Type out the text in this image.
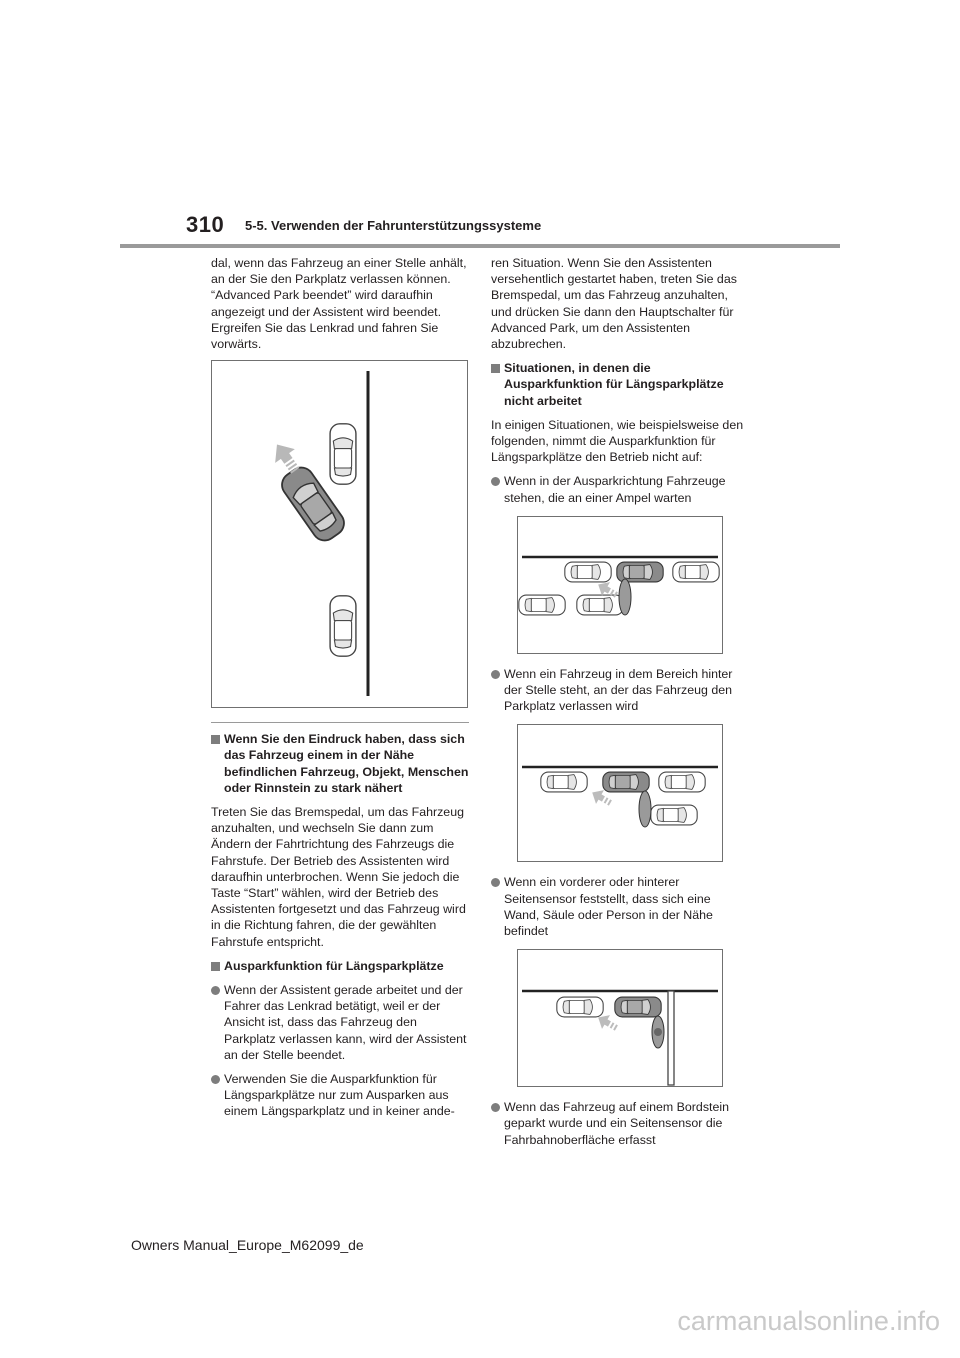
310 5-5. Verwenden der Fahrunterstützungssysteme

dal, wenn das Fahrzeug an einer Stelle anhält, an der Sie den Parkplatz verlassen können. “Advanced Park beendet” wird daraufhin angezeigt und der Assistent wird beendet. Ergreifen Sie das Lenkrad und fahren Sie vorwärts.

Wenn Sie den Eindruck haben, dass sich das Fahrzeug einem in der Nähe befindlichen Fahrzeug, Objekt, Menschen oder Rinnstein zu stark nähert

Treten Sie das Bremspedal, um das Fahrzeug anzuhalten, und wechseln Sie dann zum Ändern der Fahrtrichtung des Fahrzeugs die Fahrstufe. Der Betrieb des Assistenten wird daraufhin unterbrochen. Wenn Sie jedoch die Taste “Start” wählen, wird der Betrieb des Assistenten fortgesetzt und das Fahrzeug wird in die Richtung fahren, die der gewählten Fahrstufe entspricht.

Ausparkfunktion für Längsparkplätze

Wenn der Assistent gerade arbeitet und der Fahrer das Lenkrad betätigt, weil er der Ansicht ist, dass das Fahrzeug den Parkplatz verlassen kann, wird der Assistent an der Stelle beendet.

Verwenden Sie die Ausparkfunktion für Längsparkplätze nur zum Ausparken aus einem Längsparkplatz und in keiner ande-

ren Situation. Wenn Sie den Assistenten versehentlich gestartet haben, treten Sie das Bremspedal, um das Fahrzeug anzuhalten, und drücken Sie dann den Hauptschalter für Advanced Park, um den Assistenten abzubrechen.

Situationen, in denen die Ausparkfunktion für Längsparkplätze nicht arbeitet

In einigen Situationen, wie beispielsweise den folgenden, nimmt die Ausparkfunktion für Längsparkplätze den Betrieb nicht auf:

Wenn in der Ausparkrichtung Fahrzeuge stehen, die an einer Ampel warten

Wenn ein Fahrzeug in dem Bereich hinter der Stelle steht, an der das Fahrzeug den Parkplatz verlassen wird

Wenn ein vorderer oder hinterer Seitensensor feststellt, dass sich eine Wand, Säule oder Person in der Nähe befindet

Wenn das Fahrzeug auf einem Bordstein geparkt wurde und ein Seitensensor die Fahrbahnoberfläche erfasst

Owners Manual_Europe_M62099_de
carmanualsonline.info
